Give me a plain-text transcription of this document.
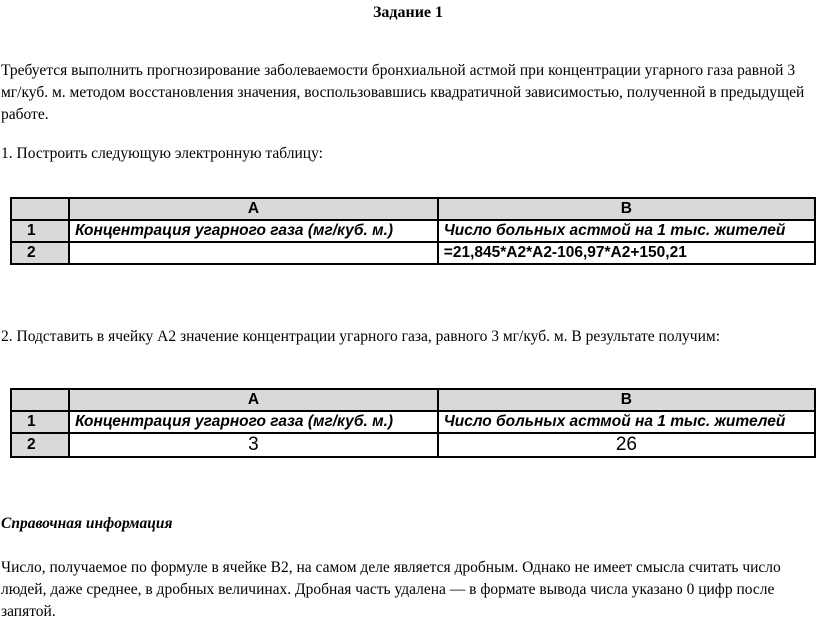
Задание 1
Требуется выполнить прогнозирование заболеваемости бронхиальной астмой при концентрации угарного газа равной 3 мг/куб. м. методом восстановления значения, воспользовавшись квадратичной зависимостью, полученной в предыдущей работе.
1. Построить следующую электронную таблицу:
	A	B
1	Концентрация угарного газа (мг/куб. м.)	Число больных астмой на 1 тыс. жителей
2		=21,845*A2*A2-106,97*A2+150,21
2. Подставить в ячейку А2 значение концентрации угарного газа, равного 3 мг/куб. м. В результате получим:
	A	B
1	Концентрация угарного газа (мг/куб. м.)	Число больных астмой на 1 тыс. жителей
2	3	26
Справочная информация
Число, получаемое по формуле в ячейке B2, на самом деле является дробным. Однако не имеет смысла считать число людей, даже среднее, в дробных величинах. Дробная часть удалена — в формате вывода числа указано 0 цифр после запятой.
